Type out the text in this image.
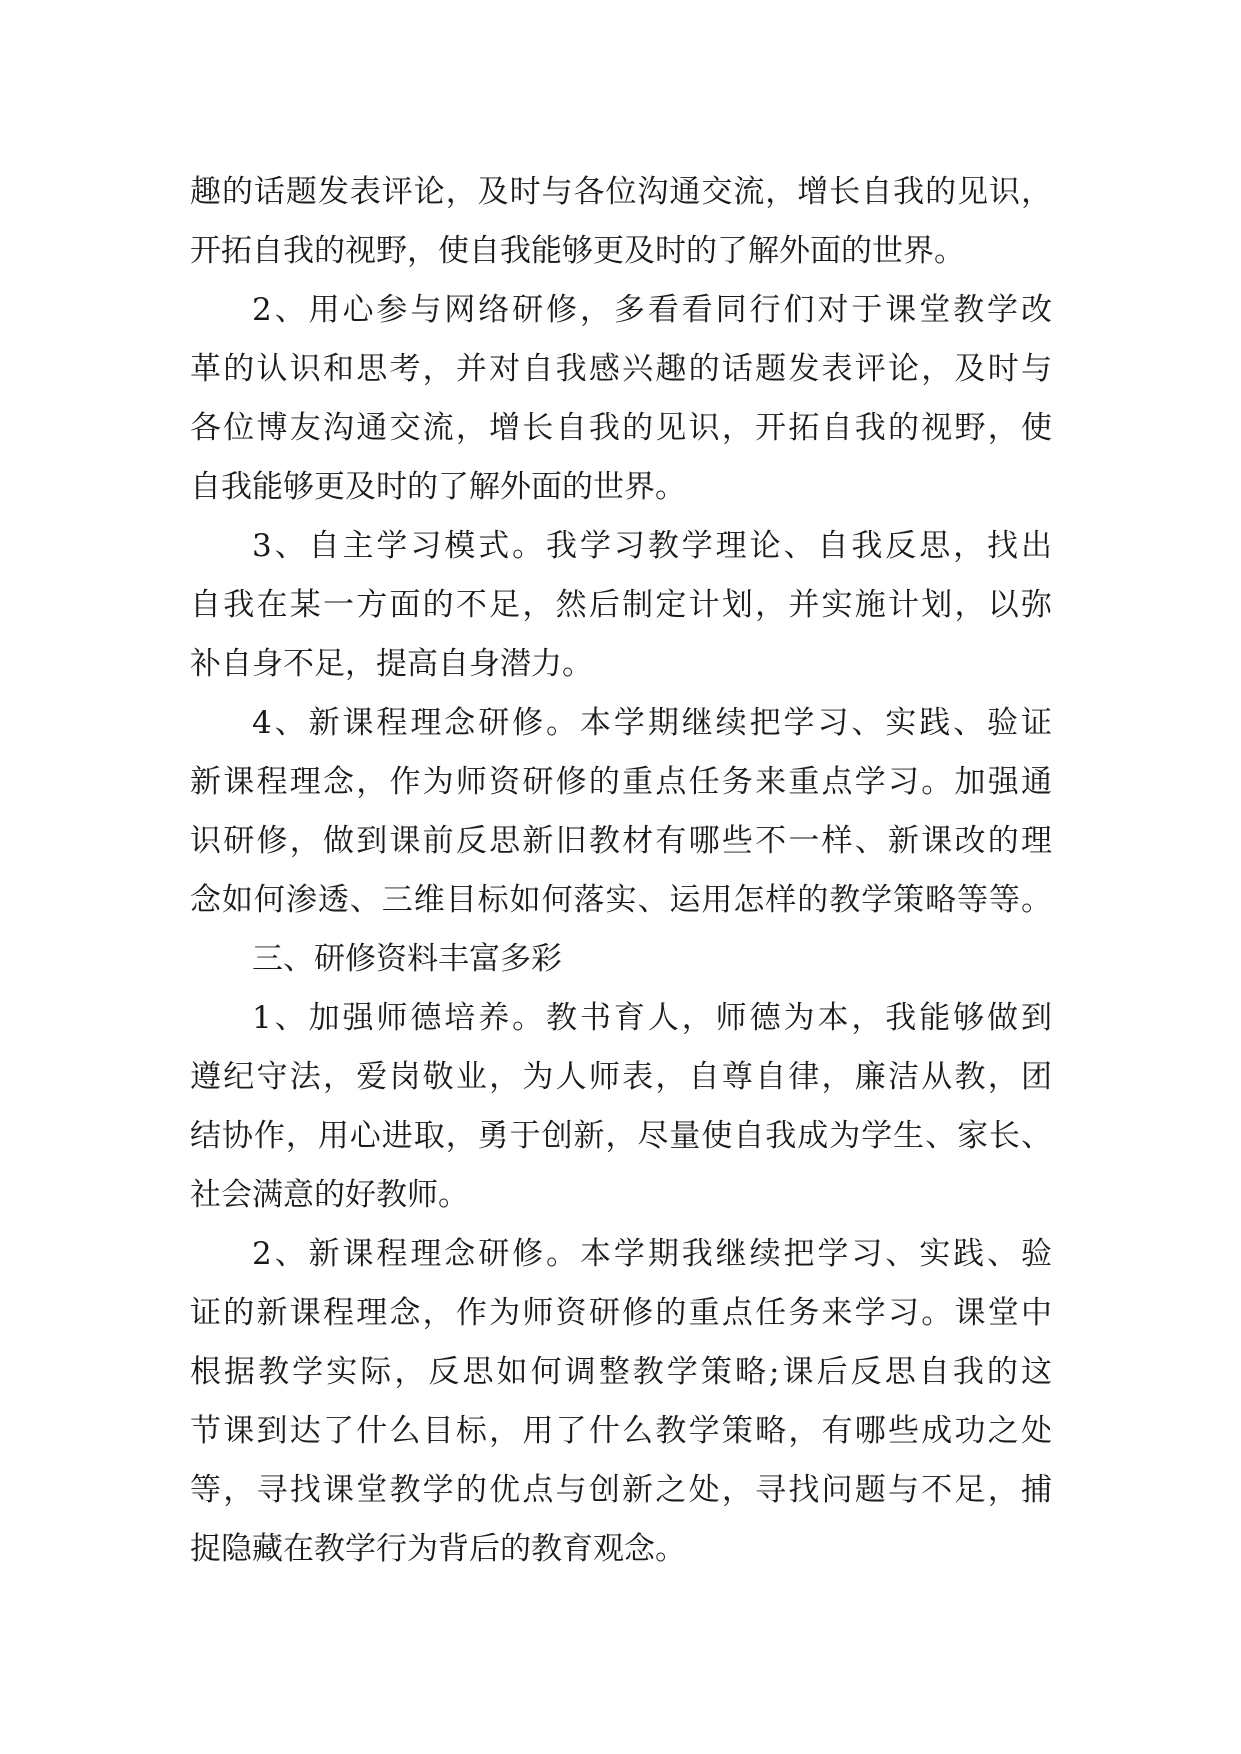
趣的话题发表评论，及时与各位沟通交流，增长自我的见识，
开拓自我的视野，使自我能够更及时的了解外面的世界。
2、用心参与网络研修，多看看同行们对于课堂教学改
革的认识和思考，并对自我感兴趣的话题发表评论，及时与
各位博友沟通交流，增长自我的见识，开拓自我的视野，使
自我能够更及时的了解外面的世界。
3、自主学习模式。我学习教学理论、自我反思，找出
自我在某一方面的不足，然后制定计划，并实施计划，以弥
补自身不足，提高自身潜力。
4、新课程理念研修。本学期继续把学习、实践、验证
新课程理念，作为师资研修的重点任务来重点学习。加强通
识研修，做到课前反思新旧教材有哪些不一样、新课改的理
念如何渗透、三维目标如何落实、运用怎样的教学策略等等。
三、研修资料丰富多彩
1、加强师德培养。教书育人，师德为本，我能够做到
遵纪守法，爱岗敬业，为人师表，自尊自律，廉洁从教，团
结协作，用心进取，勇于创新，尽量使自我成为学生、家长、
社会满意的好教师。
2、新课程理念研修。本学期我继续把学习、实践、验
证的新课程理念，作为师资研修的重点任务来学习。课堂中
根据教学实际，反思如何调整教学策略;课后反思自我的这
节课到达了什么目标，用了什么教学策略，有哪些成功之处
等，寻找课堂教学的优点与创新之处，寻找问题与不足，捕
捉隐藏在教学行为背后的教育观念。
